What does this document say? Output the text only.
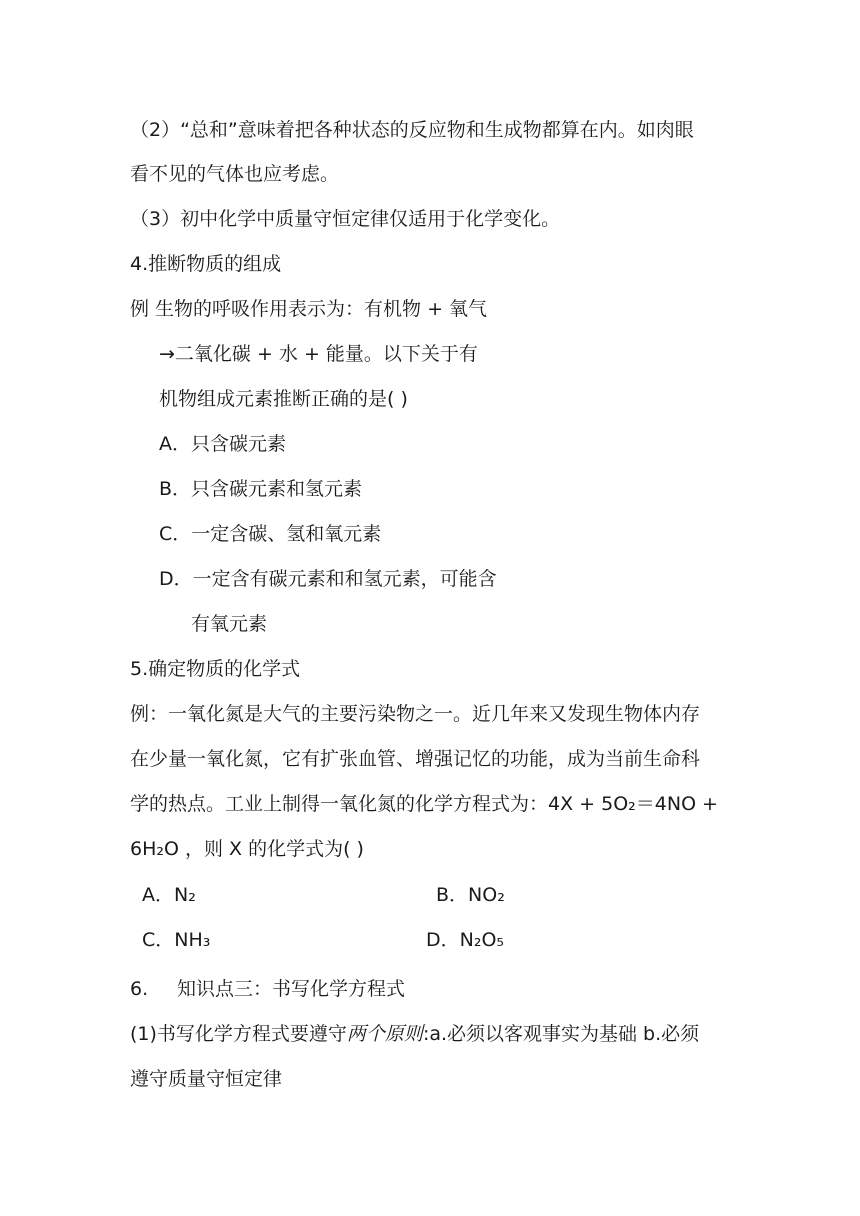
（2）“总和”意味着把各种状态的反应物和生成物都算在内。如肉眼
看不见的气体也应考虑。
（3）初中化学中质量守恒定律仅适用于化学变化。
4.推断物质的组成
例 生物的呼吸作用表示为：有机物 + 氧气
→二氧化碳 + 水 + 能量。以下关于有
机物组成元素推断正确的是( )
A．只含碳元素
B．只含碳元素和氢元素
C．一定含碳、氢和氧元素
D．一定含有碳元素和和氢元素，可能含
有氧元素
5.确定物质的化学式
例：一氧化氮是大气的主要污染物之一。近几年来又发现生物体内存
在少量一氧化氮，它有扩张血管、增强记忆的功能，成为当前生命科
学的热点。工业上制得一氧化氮的化学方程式为：4X + 5O₂＝4NO +
6H₂O ，则 X 的化学式为( )
A．N₂	B．NO₂
C．NH₃	D．N₂O₅
6. 知识点三：书写化学方程式
(1)书写化学方程式要遵守两个原则:a.必须以客观事实为基础 b.必须
遵守质量守恒定律
